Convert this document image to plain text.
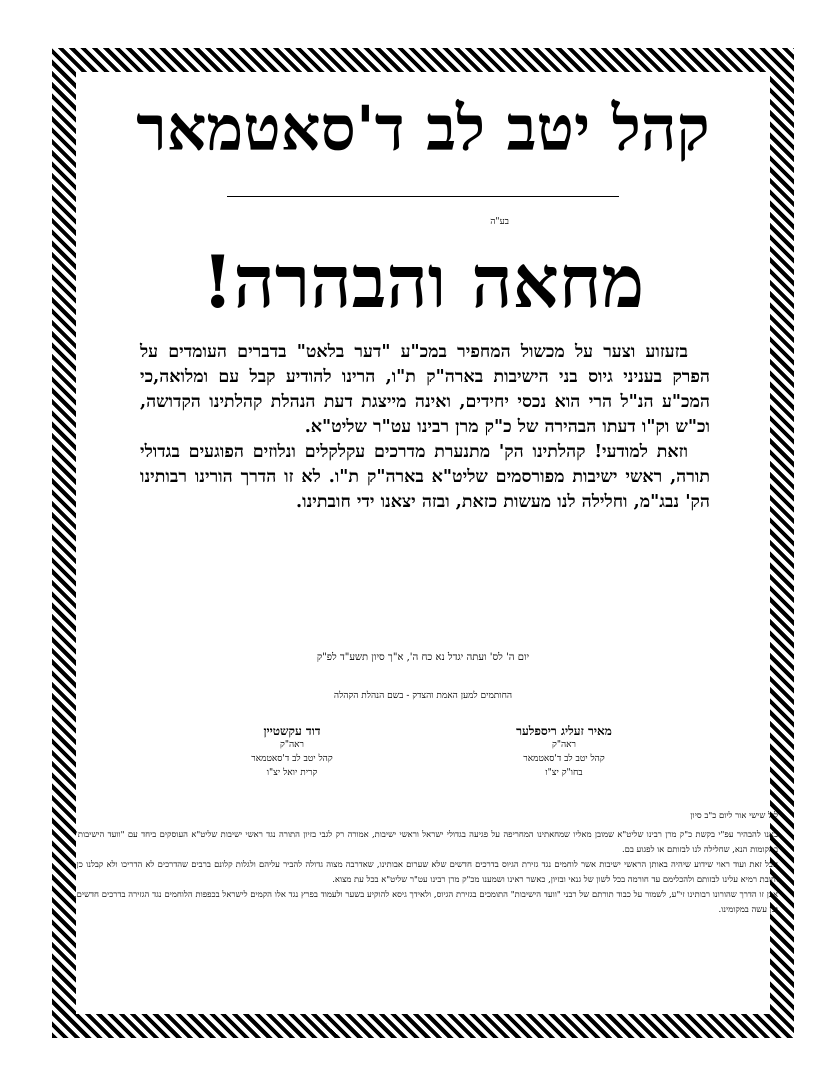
קהל יטב לב ד'סאטמאר
בע"ה
מחאה והבהרה!

בזעזוע וצער על מכשול המחפיר במכ"ע "דער בלאט" בדברים העומדים על הפרק בעניני גיוס בני הישיבות בארה"ק ת"ו, הרינו להודיע קבל עם ומלואה,כי המכ"ע הנ"ל הרי הוא נכסי יחידים, ואינה מייצגת דעת הנהלת קהלתינו הקדושה, וכ"ש וק"ו דעתו הבהירה של כ"ק מרן רבינו עט"ר שליט"א.

וזאת למודעי! קהלתינו הק' מתנערת מדרכים עקלקלים ונלוזים הפוגעים בגדולי תורה, ראשי ישיבות מפורסמים שליט"א בארה"ק ת"ו. לא זו הדרך הורינו רבותינו הק' נבג"מ, וחלילה לנו מעשות כזאת, ובזה יצאנו ידי חובתינו.

יום ה' לס' ועתה יגדל נא כח ה', א"ך סיון תשע"ד לפ"ק
החותמים למען האמת והצדק - בשם הנהלת הקהלה
מאיר זעליג ריספלער
ראה"ק
קהל יטב לב ד'סאטמאר
בחו"ק יצ"ו
דוד עקשטיין
ראה"ק
קהל יטב לב ד'סאטמאר
קרית יואל יצ"ו

ליל שישי אור ליום כ"ב סיון

באנו להבהיר עפ"י בקשת כ"ק מרן רבינו שליט"א שמובן מאליו שמחאתינו המחריפה על פגיעה בגדולי ישראל וראשי ישיבות, אמורה רק לגבי בזיון התורה נגד ראשי ישיבות שליט"א העוסקים ביחד עם "וועד הישיבות" במקומות הנא, שחלילה לנו לבזותם או לפגוע בם.

אבל זאת ועוד ראוי שידוע שיהיה באותן הראשי ישיבות אשר לוחמים נגד גזירת הגיוס בדרכים חדשים שלא שערום אבותינו, שאדרבה מצוה גדולה להביר עליהם ולגלות קלונם ברבים שהדרכים לא הדריכו ולא קבלנו כן, וחובת רמיא עלינו לבזותם ולהכלימם עד חורמה בכל לשון של גנאי ובזיון, כאשר ראינו ושמענו מכ"ק מרן רבינו עט"ר שליט"א בכל עת מצוא.

אכן זו הדרך שהורונו רבותינו זי"ע, לשמור על כבוד תורתם של רבני "וועד הישיבות" התומכים בגזירת הגיוס, ולאידך גיסא להוקיע בשער ולעמוד בפרץ נגד אלו הקמים לישראל בכפפות הלוחמים נגד הגזירה בדרכים חדשים, וכן עשה במקומינו.
